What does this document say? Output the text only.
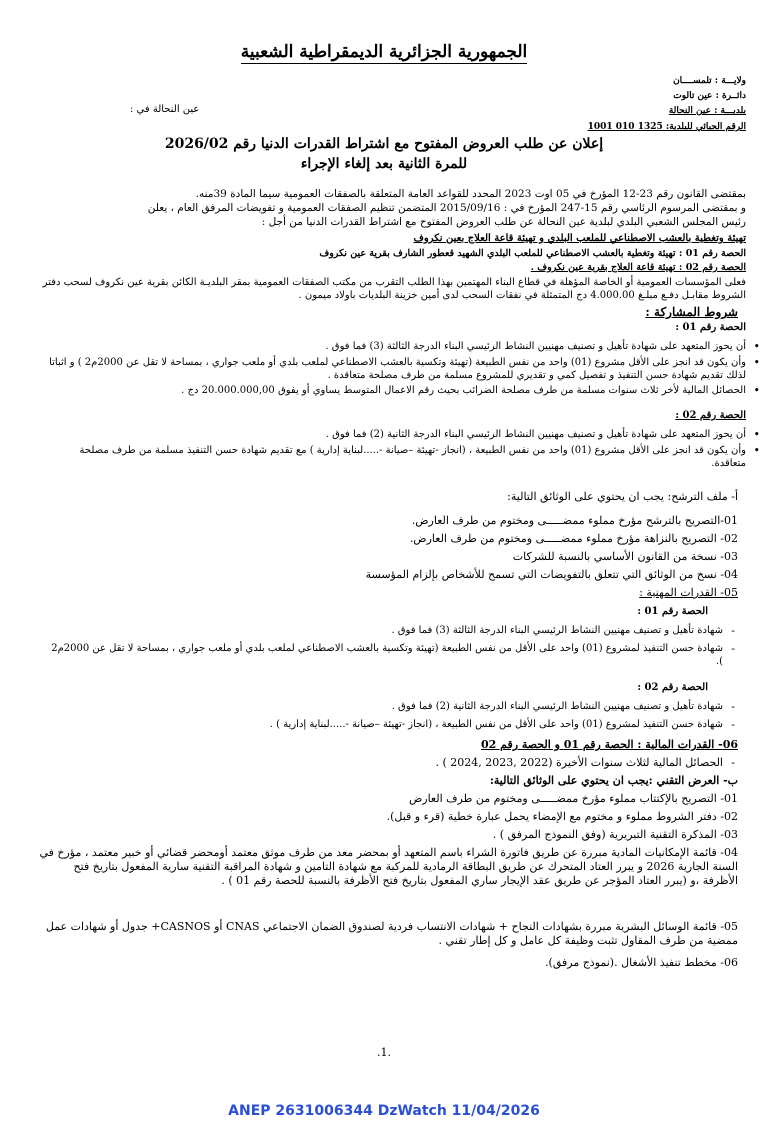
الجمهورية الجزائرية الديمقراطية الشعبية
ولايـــة : تلمســــان
دائــرة : عين تالوت
بلديـــة : عين النحالة
الرقم الجبائي للبلدية: 1325 010 1001
عين النحالة في :
إعلان عن طلب العروض المفتوح مع اشتراط القدرات الدنيا رقم 2026/02
للمرة الثانية بعد إلغاء الإجراء
بمقتضى القانون رقم 23-12 المؤرخ في 05 اوت 2023 المحدد للقواعد العامة المتعلقة بالصفقات العمومية سيما المادة 39منه.
و بمقتضى المرسوم الرئاسي رقم 15-247 المؤرخ في : 2015/09/16 المتضمن تنظيم الصفقات العمومية و تفويضات المرفق العام ، يعلن
رئيس المجلس الشعبي البلدي لبلدية عين النحالة عن طلب العروض المفتوح مع اشتراط القدرات الدنيا من أجل :
تهيئة وتغطية بالعشب الاصطناعي للملعب البلدي و تهيئة قاعة العلاج بعين نكروف
الحصة رقم 01 : تهيئة وتغطية بالعشب الاصطناعي للملعب البلدي الشهيد قعطور الشارف بقرية عين نكروف
الحصة رقم 02 : تهيئة قاعة العلاج بقرية عين نكروف .
فعلى المؤسسات العمومية أو الخاصة المؤهلة في قطاع البناء المهتمين بهذا الطلب التقرب من مكتب الصفقات العمومية بمقر البلديـة الكائن بقرية عين نكروف لسحب دفتر الشروط مقابـل دفـع مبلـغ 4.000.00 دج المتمثلة في نفقات السحب لدى أمين خزينة البلديات باولاد ميمون .
شروط المشاركة :
الحصة رقم 01 :
• أن يحوز المتعهد على شهادة تأهيل و تصنيف مهنيين النشاط الرئيسي البناء الدرجة الثالثة (3) فما فوق .
• وأن يكون قد انجز على الأقل مشروع (01) واحد من نفس الطبيعة (تهيئة وتكسية بالعشب الاصطناعي لملعب بلدي أو ملعب جواري ، بمساحة لا تقل عن 2000م2 ) و اثباتا لذلك تقديم شهادة حسن التنفيذ و تفصيل كمي و تقديري للمشروع مسلمة من طرف مصلحة متعاقدة .
• الحصائل المالية لأخر ثلاث سنوات مسلمة من طرف مصلحة الضرائب بحيث رقم الاعمال المتوسط يساوي أو يفوق 20.000.000,00 دج .
الحصة رقم 02 :
• أن يحوز المتعهد على شهادة تأهيل و تصنيف مهنيين النشاط الرئيسي البناء الدرجة الثانية (2) فما فوق .
• وأن يكون قد انجز على الأقل مشروع (01) واحد من نفس الطبيعة ، (انجاز -تهيئة –صيانة -.....لبناية إدارية ) مع تقديم شهادة حسن التنفيذ مسلمة من طرف مصلحة متعاقدة.
أ- ملف الترشح: يجب ان يحتوي على الوثائق التالية:
01-التصريح بالترشح مؤرخ مملوء ممضـــــى ومختوم من طرف العارض.
02- التصريح بالنزاهة مؤرخ مملوء ممضـــــى ومختوم من طرف العارض.
03- نسخة من القانون الأساسي بالنسبة للشركات
04- نسخ من الوثائق التي تتعلق بالتفويضات التي تسمح للأشخاص بإلزام المؤسسة
05- القدرات المهنية :
الحصة رقم 01 :
- شهادة تأهيل و تصنيف مهنيين النشاط الرئيسي البناء الدرجة الثالثة (3) فما فوق .
- شهادة حسن التنفيذ لمشروع (01) واحد على الأقل من نفس الطبيعة (تهيئة وتكسية بالعشب الاصطناعي لملعب بلدي أو ملعب جواري ، بمساحة لا تقل عن 2000م2 ).
الحصة رقم 02 :
- شهادة تأهيل و تصنيف مهنيين النشاط الرئيسي البناء الدرجة الثانية (2) فما فوق .
- شهادة حسن التنفيذ لمشروع (01) واحد على الأقل من نفس الطبيعة ، (انجاز -تهيئة –صيانة -.....لبناية إدارية ) .
06- القدرات المالية : الحصة رقم 01 و الحصة رقم 02
- الحصائل المالية لثلاث سنوات الأخيرة (2022 ,2023 ,2024 ) .
ب- العرض التقني :يجب ان يحتوي على الوثائق التالية:
01- التصريح بالإكتتاب مملوء مؤرخ ممضـــــى ومختوم من طرف العارض
02- دفتر الشروط مملوء و مختوم مع الإمضاء يحمل عبارة خطية (قرء و قبل).
03- المذكرة التقنية التبريرية (وفق النموذج المرفق ) .
04- قائمة الإمكانيات المادية مبررة عن طريق فاتورة الشراء باسم المتعهد أو بمحضر معد من طرف موثق معتمد أومحضر قضائي أو خبير معتمد ، مؤرخ في السنة الجارية 2026 و يبرر العتاد المتحرك عن طريق البطاقة الرمادية للمركبة مع شهادة التامين و شهادة المراقبة التقنية سارية المفعول بتاريخ فتح الأظرفة ،و (يبرر العتاد المؤجر عن طريق عقد الإيجار ساري المفعول بتاريخ فتح الأظرفة بالنسبة للحصة رقم 01 ) .
05- قائمة الوسائل البشرية مبررة بشهادات النجاح + شهادات الانتساب فردية لصندوق الضمان الاجتماعي CNAS أو CASNOS+ جدول أو شهادات عمل ممضية من طرف المقاول تثبت وظيفة كل عامل و كل إطار تقني .
06- مخطط تنفيذ الأشغال .(نموذج مرفق).
.1.
ANEP 2631006344 DzWatch 11/04/2026
